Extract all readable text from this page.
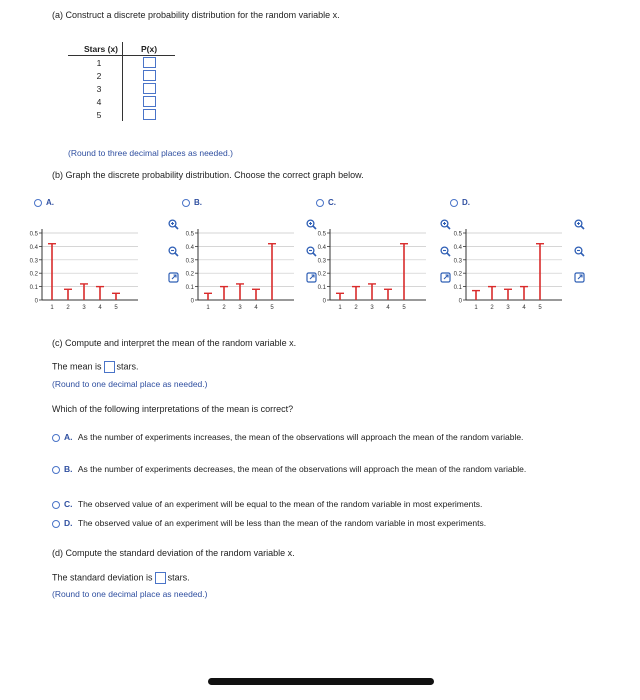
(a) Construct a discrete probability distribution for the random variable x.
Stars (x)	P(x)
1	

2	

3	

4	

5	
(Round to three decimal places as needed.)
(b) Graph the discrete probability distribution. Choose the correct graph below.
A.	B.	C.	D.
0.5
0.4
0.3
0.2
0.1
0
1 2 3 4 5
0.5
0.4
0.3
0.2
0.1
0
1 2 3 4 5
0.5
0.4
0.3
0.2
0.1
0
1 2 3 4 5
0.5
0.4
0.3
0.2
0.1
0
1 2 3 4 5
(c) Compute and interpret the mean of the random variable x.
The mean is stars.
(Round to one decimal place as needed.)
Which of the following interpretations of the mean is correct?
A. As the number of experiments increases, the mean of the observations will approach the mean of the random variable.
B. As the number of experiments decreases, the mean of the observations will approach the mean of the random variable.
C. The observed value of an experiment will be equal to the mean of the random variable in most experiments.
D. The observed value of an experiment will be less than the mean of the random variable in most experiments.
(d) Compute the standard deviation of the random variable x.
The standard deviation is stars.
(Round to one decimal place as needed.)
